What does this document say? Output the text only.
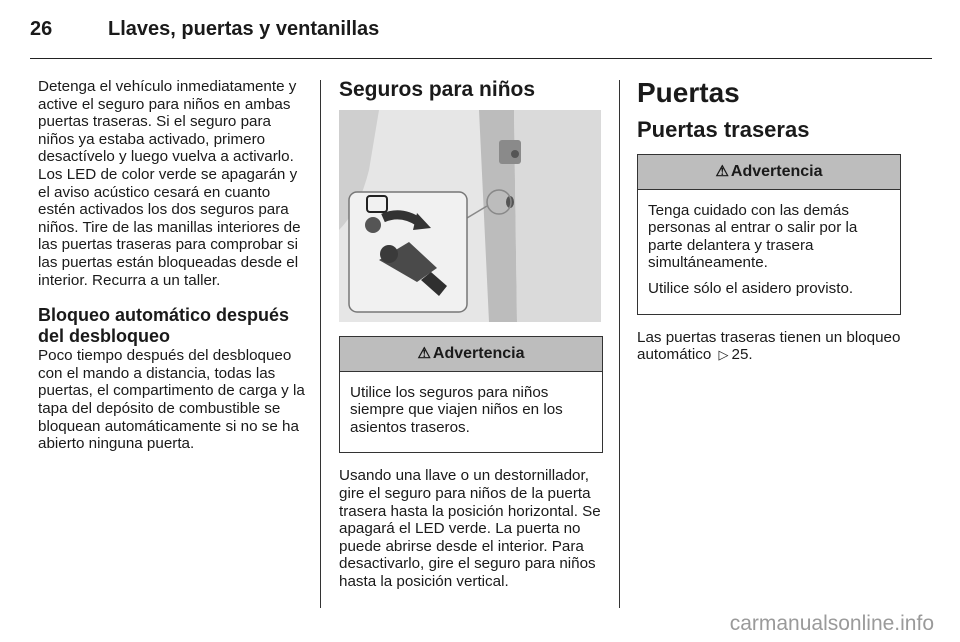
26	Llaves, puertas y ventanillas

Detenga el vehículo inmediatamente y active el seguro para niños en ambas puertas traseras. Si el seguro para niños ya estaba activado, primero desactívelo y luego vuelva a activarlo. Los LED de color verde se apagarán y el aviso acústico cesará en cuanto estén activados los dos seguros para niños. Tire de las manillas interiores de las puertas traseras para comprobar si las puertas están bloqueadas desde el interior. Recurra a un taller.

Bloqueo automático después del desbloqueo

Poco tiempo después del desbloqueo con el mando a distancia, todas las puertas, el compartimento de carga y la tapa del depósito de combustible se bloquean automáticamente si no se ha abierto ninguna puerta.

Seguros para niños
⚠ Advertencia

Utilice los seguros para niños siempre que viajen niños en los asientos traseros.

Usando una llave o un destornillador, gire el seguro para niños de la puerta trasera hasta la posición horizontal. Se apagará el LED verde. La puerta no puede abrirse desde el interior. Para desactivarlo, gire el seguro para niños hasta la posición vertical.

Puertas
Puertas traseras
⚠ Advertencia

Tenga cuidado con las demás personas al entrar o salir por la parte delantera y trasera simultáneamente.

Utilice sólo el asidero provisto.

Las puertas traseras tienen un bloqueo automático ▷ 25.

carmanualsonline.info
